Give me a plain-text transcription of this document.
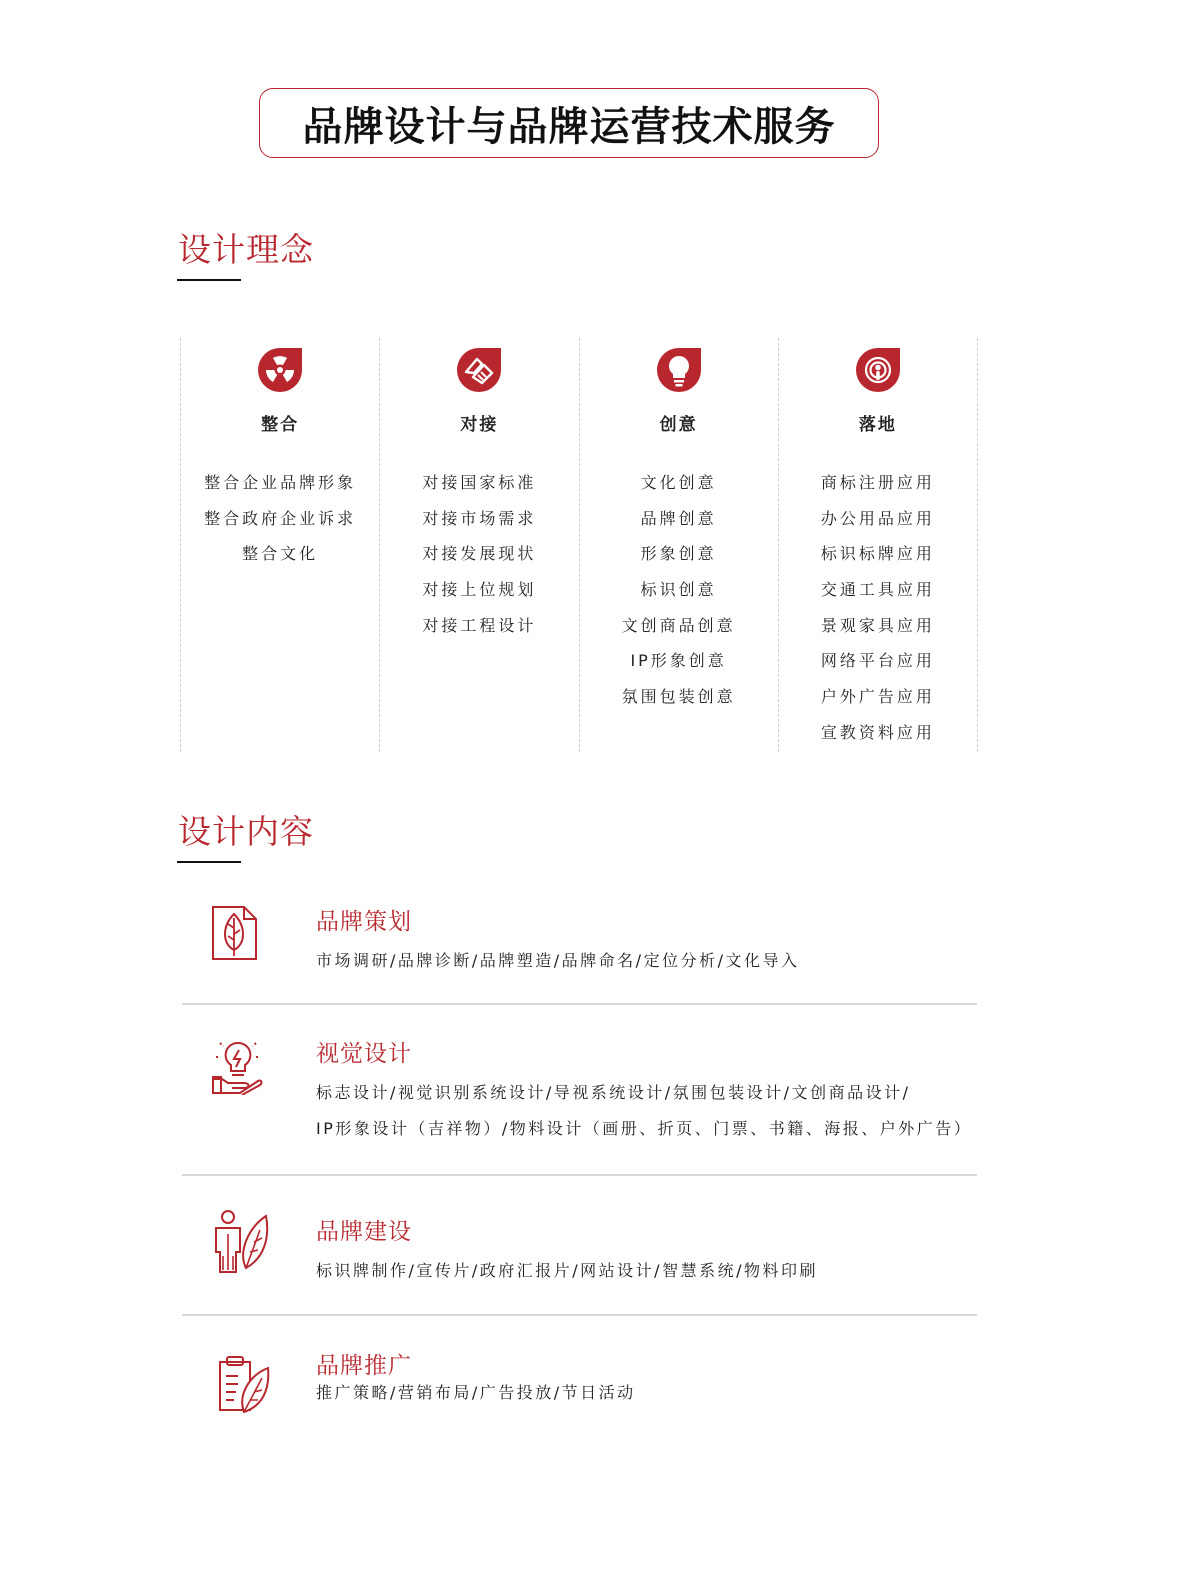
品牌设计与品牌运营技术服务
设计理念
整合
整合企业品牌形象
整合政府企业诉求
整合文化
对接
对接国家标准
对接市场需求
对接发展现状
对接上位规划
对接工程设计
创意
文化创意
品牌创意
形象创意
标识创意
文创商品创意
IP形象创意
氛围包装创意
落地
商标注册应用
办公用品应用
标识标牌应用
交通工具应用
景观家具应用
网络平台应用
户外广告应用
宣教资料应用
设计内容
品牌策划
市场调研/品牌诊断/品牌塑造/品牌命名/定位分析/文化导入
视觉设计
标志设计/视觉识别系统设计/导视系统设计/氛围包装设计/文创商品设计/
IP形象设计（吉祥物）/物料设计（画册、折页、门票、书籍、海报、户外广告）
品牌建设
标识牌制作/宣传片/政府汇报片/网站设计/智慧系统/物料印刷
品牌推广
推广策略/营销布局/广告投放/节日活动
